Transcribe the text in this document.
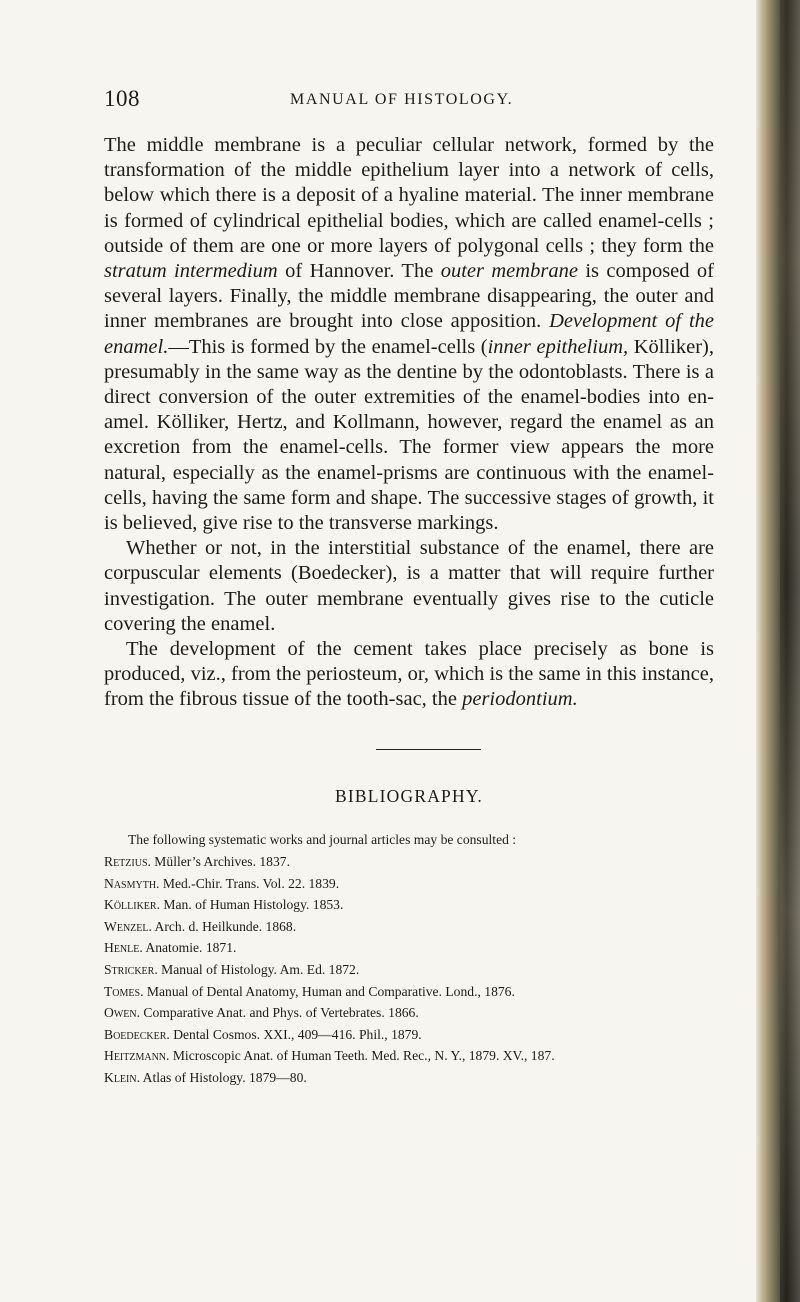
108	MANUAL OF HISTOLOGY.

The middle membrane is a peculiar cellular network, formed by the transformation of the middle epithelium layer into a network of cells, below which there is a deposit of a hyaline material. The inner membrane is formed of cylindrical epithelial bodies, which are called enamel-cells ; outside of them are one or more layers of polygonal cells ; they form the stratum intermedium of Hannover. The outer membrane is composed of several layers. Finally, the middle membrane disappearing, the outer and inner membranes are brought into close apposition. Development of the enamel.—This is formed by the enamel-cells (inner epithelium, Kölliker), presumably in the same way as the dentine by the odontoblasts. There is a direct conversion of the outer extremities of the enamel-bodies into enamel. Kölliker, Hertz, and Kollmann, however, regard the enamel as an excretion from the enamel-cells. The former view appears the more natural, especially as the enamel-prisms are continuous with the enamel-cells, having the same form and shape. The successive stages of growth, it is believed, give rise to the transverse markings.

Whether or not, in the interstitial substance of the enamel, there are corpuscular elements (Boedecker), is a matter that will require further investigation. The outer membrane eventually gives rise to the cuticle covering the enamel.

The development of the cement takes place precisely as bone is produced, viz., from the periosteum, or, which is the same in this instance, from the fibrous tissue of the tooth-sac, the periodontium.

BIBLIOGRAPHY.
The following systematic works and journal articles may be consulted :

Retzius. Müller’s Archives. 1837.

Nasmyth. Med.-Chir. Trans. Vol. 22. 1839.

Kölliker. Man. of Human Histology. 1853.

Wenzel. Arch. d. Heilkunde. 1868.

Henle. Anatomie. 1871.

Stricker. Manual of Histology. Am. Ed. 1872.

Tomes. Manual of Dental Anatomy, Human and Comparative. Lond., 1876.

Owen. Comparative Anat. and Phys. of Vertebrates. 1866.

Boedecker. Dental Cosmos. XXI., 409—416. Phil., 1879.

Heitzmann. Microscopic Anat. of Human Teeth. Med. Rec., N. Y., 1879. XV., 187.

Klein. Atlas of Histology. 1879—80.
